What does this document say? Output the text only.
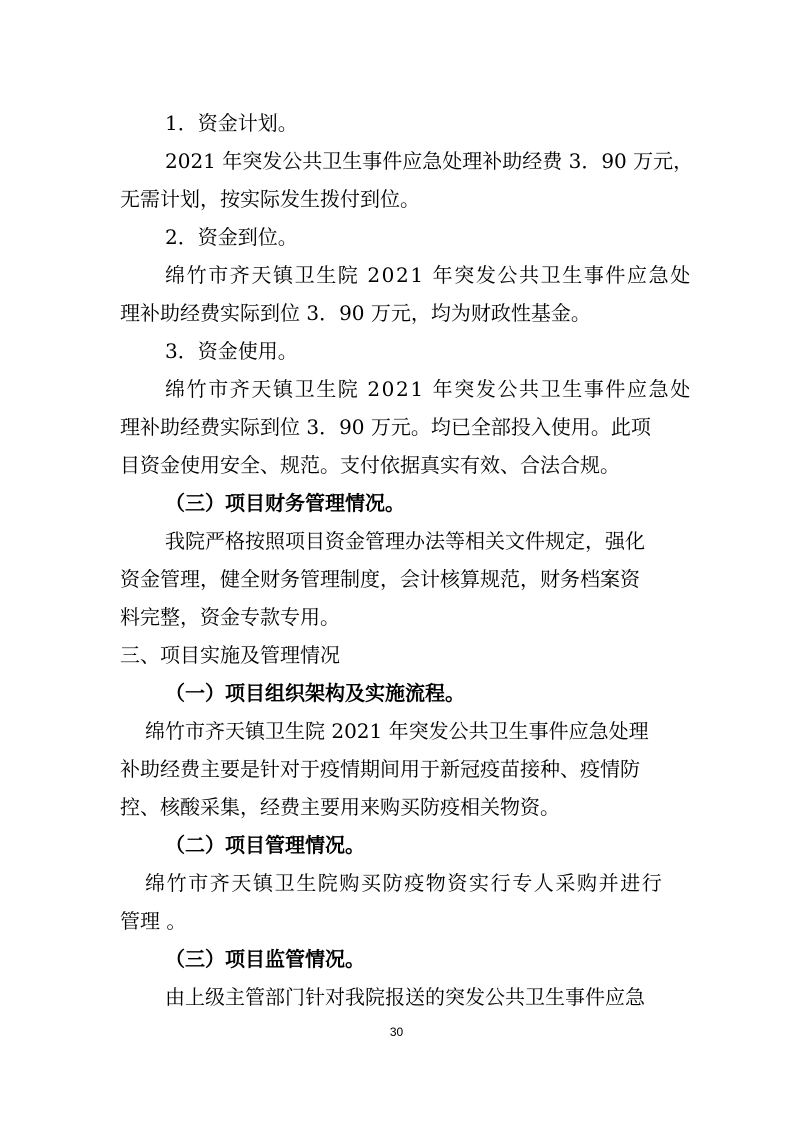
1．资金计划。
2021 年突发公共卫生事件应急处理补助经费 3．90 万元，
无需计划，按实际发生拨付到位。
2．资金到位。
绵竹市齐天镇卫生院 2021 年突发公共卫生事件应急处
理补助经费实际到位 3．90 万元，均为财政性基金。
3．资金使用。
绵竹市齐天镇卫生院 2021 年突发公共卫生事件应急处
理补助经费实际到位 3．90 万元。均已全部投入使用。此项
目资金使用安全、规范。支付依据真实有效、合法合规。
（三）项目财务管理情况。
我院严格按照项目资金管理办法等相关文件规定，强化
资金管理，健全财务管理制度，会计核算规范，财务档案资
料完整，资金专款专用。
三、项目实施及管理情况
（一）项目组织架构及实施流程。
绵竹市齐天镇卫生院 2021 年突发公共卫生事件应急处理
补助经费主要是针对于疫情期间用于新冠疫苗接种、疫情防
控、核酸采集，经费主要用来购买防疫相关物资。
（二）项目管理情况。
绵竹市齐天镇卫生院购买防疫物资实行专人采购并进行
管理 。
（三）项目监管情况。
由上级主管部门针对我院报送的突发公共卫生事件应急
30
